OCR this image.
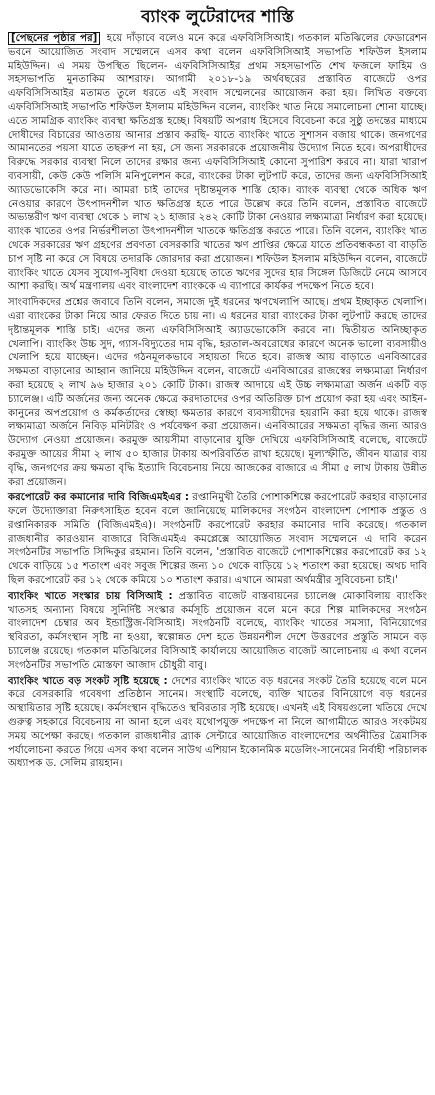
ব্যাংক লুটেরাদের শাস্তি

[পেছনের পৃষ্ঠার পর] হয়ে দাঁড়াবে বলেও মনে করে এফবিসিসিআই। গতকাল মতিঝিলের ফেডারেশন ভবনে আয়োজিত সংবাদ সম্মেলনে এসব কথা বলেন এফবিসিসিআই সভাপতি শফিউল ইসলাম মহিউদ্দিন। এ সময় উপস্থিত ছিলেন- এফবিসিসিআইর প্রথম সহসভাপতি শেখ ফজলে ফাহিম ও সহসভাপতি মুনতাকিম আশরাফ। আগামী ২০১৮-১৯ অর্থবছরের প্রস্তাবিত বাজেটে ওপর এফবিসিসিআইর মতামত তুলে ধরতে এই সংবাদ সম্মেলনের আয়োজন করা হয়। লিখিত বক্তব্যে এফবিসিসিআই সভাপতি শফিউল ইসলাম মহিউদ্দিন বলেন, ব্যাংকিং খাত নিয়ে সমালোচনা শোনা যাচ্ছে। এতে সামগ্রিক ব্যাংকিং ব্যবস্থা ক্ষতিগ্রস্ত হচ্ছে। বিষয়টি অপরাধ হিসেবে বিবেচনা করে সুষ্ঠু তদন্তের মাধ্যমে দোষীদের বিচারের আওতায় আনার প্রস্তাব করছি- যাতে ব্যাংকিং খাতে সুশাসন বজায় থাকে। জনগণের আমানতের পয়সা যাতে তছরুপ না হয়, সে জন্য সরকারকে প্রয়োজনীয় উদ্যোগ নিতে হবে। অপরাধীদের বিরুদ্ধে সরকার ব্যবস্থা নিলে তাদের রক্ষার জন্য এফবিসিসিআই কোনো সুপারিশ করবে না। যারা খারাপ ব্যবসায়ী, কেউ কেউ পলিসি মনিপুলেশন করে, ব্যাংকের টাকা লুটপাট করে, তাদের জন্য এফবিসিসিআই অ্যাডভোকেসি করে না। আমরা চাই তাদের দৃষ্টান্তমূলক শাস্তি হোক। ব্যাংক ব্যবস্থা থেকে অধিক ঋণ নেওয়ার কারণে উৎপাদনশীল খাত ক্ষতিগ্রস্ত হতে পারে উল্লেখ করে তিনি বলেন, প্রস্তাবিত বাজেটে অভ্যন্তরীণ ঋণ ব্যবস্থা থেকে ১ লাখ ২১ হাজার ২৪২ কোটি টাকা নেওয়ার লক্ষ্যমাত্রা নির্ধারণ করা হয়েছে। ব্যাংক খাতের ওপর নির্ভরশীলতা উৎপাদনশীল খাতকে ক্ষতিগ্রস্ত করতে পারে। তিনি বলেন, ব্যাংকিং খাত থেকে সরকারের ঋণ গ্রহণের প্রবণতা বেসরকারি খাতের ঋণ প্রাপ্তির ক্ষেত্রে যাতে প্রতিবন্ধকতা বা বাড়তি চাপ সৃষ্টি না করে সে বিষয়ে তদারকি জোরদার করা প্রয়োজন। শফিউল ইসলাম মহিউদ্দিন বলেন, বাজেটে ব্যাংকিং খাতে যেসব সুযোগ-সুবিধা দেওয়া হয়েছে তাতে ঋণের সুদের হার সিঙ্গেল ডিজিটে নেমে আসবে আশা করছি। অর্থ মন্ত্রণালয় এবং বাংলাদেশ ব্যাংককে এ ব্যাপারে কার্যকর পদক্ষেপ নিতে হবে।

সাংবাদিকদের প্রশ্নের জবাবে তিনি বলেন, সমাজে দুই ধরনের ঋণখেলাপি আছে। প্রথম ইচ্ছাকৃত খেলাপি। এরা ব্যাংকের টাকা নিয়ে আর ফেরত দিতে চায় না। এ ধরনের যারা ব্যাংকের টাকা লুটপাট করছে তাদের দৃষ্টান্তমূলক শাস্তি চাই। এদের জন্য এফবিসিসিআই অ্যাডভোকেসি করবে না। দ্বিতীয়ত অনিচ্ছাকৃত খেলাপি। ব্যাংকিং উচ্চ সুদ, গ্যাস-বিদ্যুতের দাম বৃদ্ধি, হরতাল-অবরোধের কারণে অনেক ভালো ব্যবসায়ীও খেলাপি হয়ে যাচ্ছেন। এদের গঠনমূলকভাবে সহায়তা দিতে হবে। রাজস্ব আয় বাড়াতে এনবিআরের সক্ষমতা বাড়ানোর আহ্বান জানিয়ে মহিউদ্দিন বলেন, বাজেটে এনবিআরের রাজস্বের লক্ষ্যমাত্রা নির্ধারণ করা হয়েছে ২ লাখ ৯৬ হাজার ২০১ কোটি টাকা। রাজস্ব আদায়ে এই উচ্চ লক্ষ্যমাত্রা অর্জন একটি বড় চ্যালেঞ্জ। এটি অর্জনের জন্য অনেক ক্ষেত্রে করদাতাদের ওপর অতিরিক্ত চাপ প্রয়োগ করা হয় এবং আইন-কানুনের অপপ্রয়োগ ও কর্মকর্তাদের স্বেচ্ছা ক্ষমতার কারণে ব্যবসায়ীদের হয়রানি করা হয়ে থাকে। রাজস্ব লক্ষ্যমাত্রা অর্জনে নিবিড় মনিটরিং ও পর্যবেক্ষণ করা প্রয়োজন। এনবিআরের সক্ষমতা বৃদ্ধির জন্য আরও উদ্যোগ নেওয়া প্রয়োজন। করমুক্ত আয়সীমা বাড়ানোর যুক্তি দেখিয়ে এফবিসিসিআই বলেছে, বাজেটে করমুক্ত আয়ের সীমা ২ লাখ ৫০ হাজার টাকায় অপরিবর্তিত রাখা হয়েছে। মূল্যস্ফীতি, জীবন যাত্রার ব্যয় বৃদ্ধি, জনগণের ক্রয় ক্ষমতা বৃদ্ধি ইত্যাদি বিবেচনায় নিয়ে আজকের বাজারে এ সীমা ৫ লাখ টাকায় উন্নীত করা প্রয়োজন।

করপোরেট কর কমানোর দাবি বিজিএমইএর : রপ্তানিমুখী তৈরি পোশাকশিল্পে করপোরেট করহার বাড়ানোর ফলে উদ্যোক্তারা নিরুৎসাহিত হবেন বলে জানিয়েছে মালিকদের সংগঠন বাংলাদেশ পোশাক প্রস্তুত ও রপ্তানিকারক সমিতি (বিজিএমইএ)। সংগঠনটি করপোরেট করহার কমানোর দাবি করেছে। গতকাল রাজধানীর কারওয়ান বাজারে বিজিএমইএ কমপ্লেক্সে আয়োজিত সংবাদ সম্মেলনে এ দাবি করেন সংগঠনটির সভাপতি সিদ্দিকুর রহমান। তিনি বলেন, 'প্রস্তাবিত বাজেটে পোশাকশিল্পের করপোরেট কর ১২ থেকে বাড়িয়ে ১৫ শতাংশ এবং সবুজ শিল্পের জন্য ১০ থেকে বাড়িয়ে ১২ শতাংশ করা হয়েছে। অথচ দাবি ছিল করপোরেট কর ১২ থেকে কমিয়ে ১০ শতাংশ করার। এখানে আমরা অর্থমন্ত্রীর সুবিবেচনা চাই।'

ব্যাংকিং খাতে সংস্কার চায় বিসিআই : প্রস্তাবিত বাজেট বাস্তবায়নের চ্যালেঞ্জ মোকাবিলায় ব্যাংকিং খাতসহ অন্যান্য বিষয়ে সুনির্দিষ্ট সংস্কার কর্মসূচি প্রয়োজন বলে মনে করে শিল্প মালিকদের সংগঠন বাংলাদেশ চেম্বার অব ইন্ডাস্ট্রিজ-বিসিআই। সংগঠনটি বলেছে, ব্যাংকিং খাতের সমস্যা, বিনিয়োগের স্থবিরতা, কর্মসংস্থান সৃষ্টি না হওয়া, স্বল্পোন্নত দেশ হতে উন্নয়নশীল দেশে উত্তরণের প্রস্তুতি সামনে বড় চ্যালেঞ্জ রয়েছে। গতকাল মতিঝিলের বিসিআই কার্যালয়ে আয়োজিত বাজেট আলোচনায় এ কথা বলেন সংগঠনটির সভাপতি মোস্তফা আজাদ চৌধুরী বাবু।

ব্যাংকিং খাতে বড় সংকট সৃষ্টি হয়েছে : দেশের ব্যাংকিং খাতে বড় ধরনের সংকট তৈরি হয়েছে বলে মনে করে বেসরকারি গবেষণা প্রতিষ্ঠান সানেম। সংস্থাটি বলেছে, ব্যক্তি খাতের বিনিয়োগে বড় ধরনের অস্থায়িতার সৃষ্টি হয়েছে। কর্মসংস্থান বৃদ্ধিতেও স্থবিরতার সৃষ্টি হয়েছে। এখনই এই বিষয়গুলো খতিয়ে দেখে গুরুত্ব সহকারে বিবেচনায় না আনা হলে এবং যথোপযুক্ত পদক্ষেপ না নিলে আগামীতে আরও সংকটময় সময় অপেক্ষা করছে। গতকাল রাজধানীর ব্র্যাক সেন্টারে আয়োজিত বাংলাদেশের অর্থনীতির ত্রৈমাসিক পর্যালোচনা করতে গিয়ে এসব কথা বলেন সাউথ এশিয়ান ইকোনমিক মডেলিং-সানেমের নির্বাহী পরিচালক অধ্যাপক ড. সেলিম রায়হান।
